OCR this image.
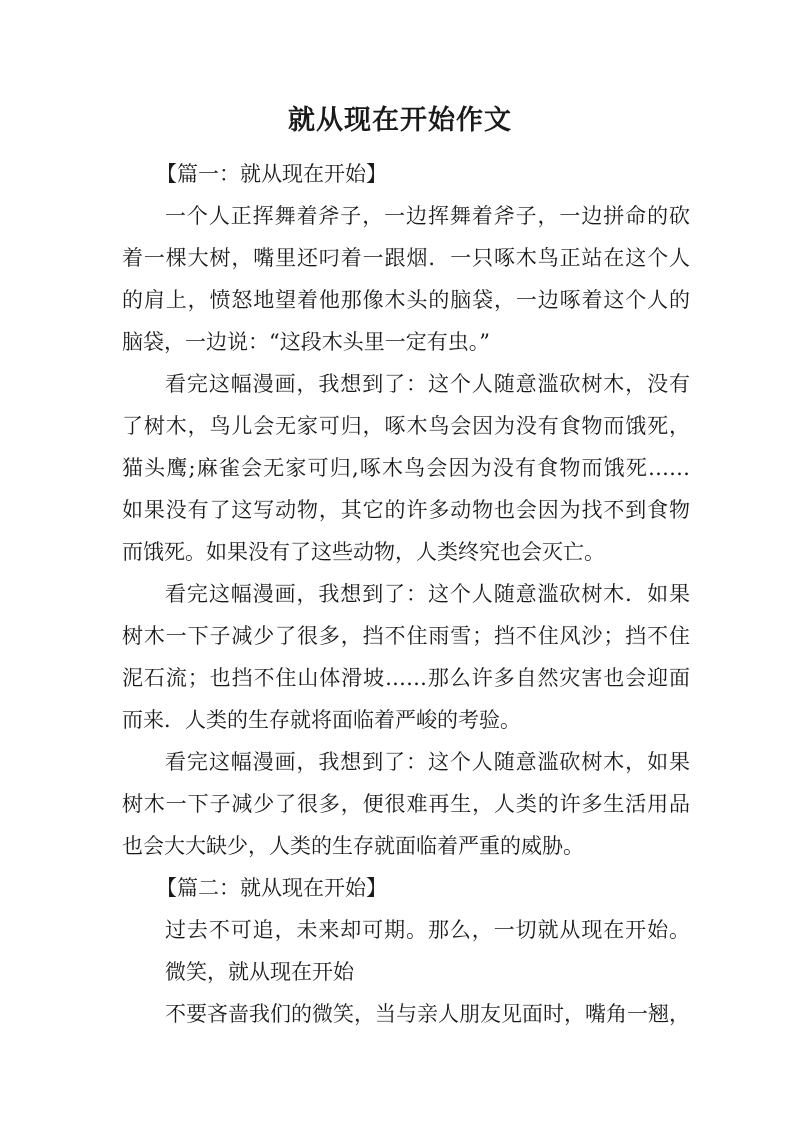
就从现在开始作文
【篇一：就从现在开始】
一个人正挥舞着斧子，一边挥舞着斧子，一边拼命的砍
着一棵大树，嘴里还叼着一跟烟．一只啄木鸟正站在这个人
的肩上，愤怒地望着他那像木头的脑袋，一边啄着这个人的
脑袋，一边说：“这段木头里一定有虫。”
看完这幅漫画，我想到了：这个人随意滥砍树木，没有
了树木，鸟儿会无家可归，啄木鸟会因为没有食物而饿死，
猫头鹰;麻雀会无家可归,啄木鸟会因为没有食物而饿死……
如果没有了这写动物，其它的许多动物也会因为找不到食物
而饿死。如果没有了这些动物，人类终究也会灭亡。
看完这幅漫画，我想到了：这个人随意滥砍树木．如果
树木一下子减少了很多，挡不住雨雪；挡不住风沙；挡不住
泥石流；也挡不住山体滑坡……那么许多自然灾害也会迎面
而来．人类的生存就将面临着严峻的考验。
看完这幅漫画，我想到了：这个人随意滥砍树木，如果
树木一下子减少了很多，便很难再生，人类的许多生活用品
也会大大缺少，人类的生存就面临着严重的威胁。
【篇二：就从现在开始】
过去不可追，未来却可期。那么，一切就从现在开始。
微笑，就从现在开始
不要吝啬我们的微笑，当与亲人朋友见面时，嘴角一翘，
